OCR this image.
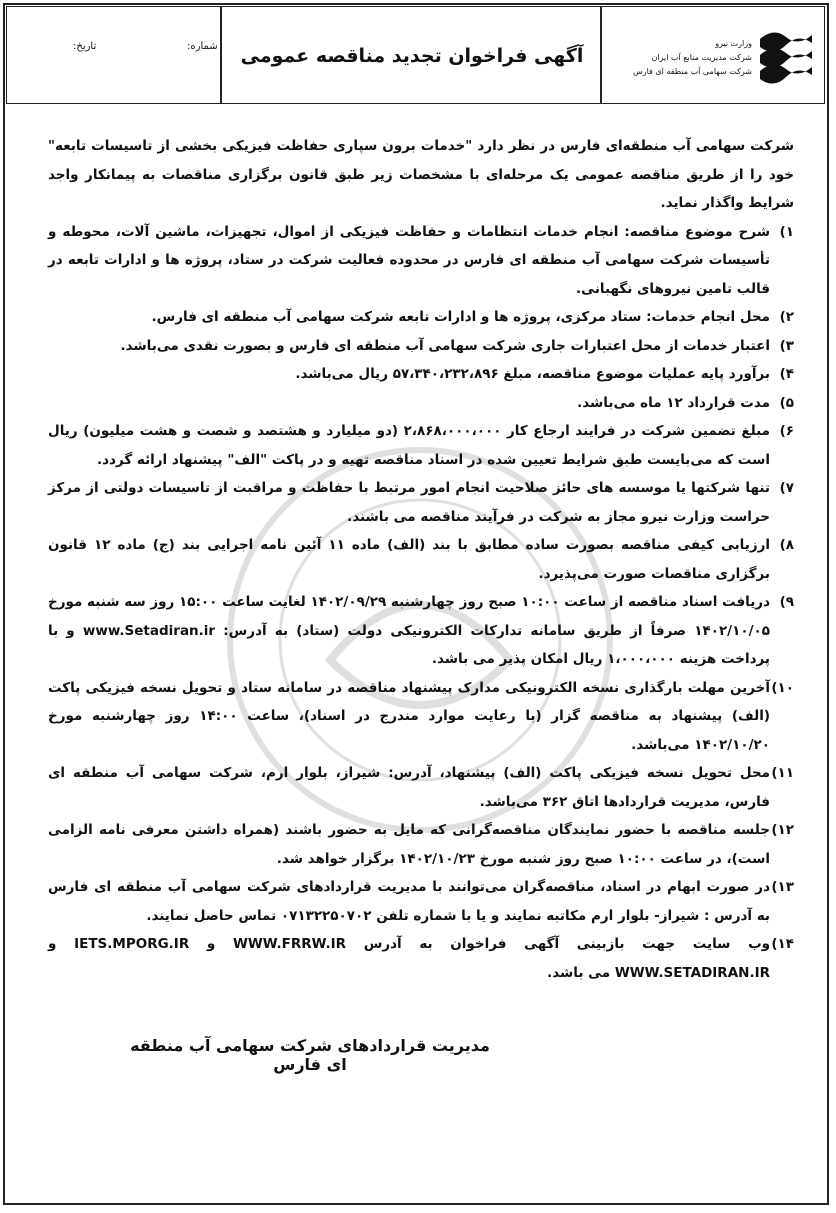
شماره:
تاریخ:	آگهی فراخوان تجدید مناقصه عمومی
وزارت نیرو
شرکت مدیریت منابع آب ایران
شرکت سهامی آب منطقه ای فارس

شرکت سهامی آب منطقه‌ای فارس در نظر دارد "خدمات برون سپاری حفاظت فیزیکی بخشی از تاسیسات تابعه" خود را از طریق مناقصه عمومی یک مرحله‌ای با مشخصات زیر طبق قانون برگزاری مناقصات به پیمانکار واجد شرایط واگذار نماید.

۱)
شرح موضوع مناقصه: انجام خدمات انتظامات و حفاظت فیزیکی از اموال، تجهیزات، ماشین آلات، محوطه و تأسیسات شرکت سهامی آب منطقه ای فارس در محدوده فعالیت شرکت در ستاد، پروژه ها و ادارات تابعه در قالب تامین نیروهای نگهبانی.
۲)
محل انجام خدمات: ستاد مرکزی، پروژه ها و ادارات تابعه شرکت سهامی آب منطقه ای فارس.
۳)
اعتبار خدمات از محل اعتبارات جاری شرکت سهامی آب منطقه ای فارس و بصورت نقدی می‌باشد.
۴)
برآورد پایه عملیات موضوع مناقصه، مبلغ ۵۷،۳۴۰،۲۳۲،۸۹۶ ریال می‌باشد.
۵)
مدت قرارداد ۱۲ ماه می‌باشد.
۶)
مبلغ تضمین شرکت در فرایند ارجاع کار ۲،۸۶۸،۰۰۰،۰۰۰ (دو میلیارد و هشتصد و شصت و هشت میلیون) ریال است که می‌بایست طبق شرایط تعیین شده در اسناد مناقصه تهیه و در پاکت "الف" پیشنهاد ارائه گردد.
۷)
تنها شرکتها یا موسسه های حائز صلاحیت انجام امور مرتبط با حفاظت و مراقبت از تاسیسات دولتی از مرکز حراست وزارت نیرو مجاز به شرکت در فرآیند مناقصه می باشند.
۸)
ارزیابی کیفی مناقصه بصورت ساده مطابق با بند (الف) ماده ۱۱ آئین نامه اجرایی بند (ج) ماده ۱۲ قانون برگزاری مناقصات صورت می‌پذیرد.
۹)
دریافت اسناد مناقصه از ساعت ۱۰:۰۰ صبح روز چهارشنبه ۱۴۰۲/۰۹/۲۹ لغایت ساعت ۱۵:۰۰ روز سه شنبه مورخ ۱۴۰۲/۱۰/۰۵ صرفاً از طریق سامانه تدارکات الکترونیکی دولت (ستاد) به آدرس: www.Setadiran.ir و با پرداخت هزینه ۱،۰۰۰،۰۰۰ ریال امکان پذیر می باشد.
۱۰)
آخرین مهلت بارگذاری نسخه الکترونیکی مدارک پیشنهاد مناقصه در سامانه ستاد و تحویل نسخه فیزیکی پاکت (الف) پیشنهاد به مناقصه گزار (با رعایت موارد مندرج در اسناد)، ساعت ۱۴:۰۰ روز چهارشنبه مورخ ۱۴۰۲/۱۰/۲۰ می‌باشد.
۱۱)
محل تحویل نسخه فیزیکی پاکت (الف) پیشنهاد، آدرس: شیراز، بلوار ارم، شرکت سهامی آب منطقه ای فارس، مدیریت قراردادها اتاق ۳۶۲ می‌باشد.
۱۲)
جلسه مناقصه با حضور نمایندگان مناقصه‌گرانی که مایل به حضور باشند (همراه داشتن معرفی نامه الزامی است)، در ساعت ۱۰:۰۰ صبح روز شنبه مورخ ۱۴۰۲/۱۰/۲۳ برگزار خواهد شد.
۱۳)
در صورت ابهام در اسناد، مناقصه‌گران می‌توانند با مدیریت قراردادهای شرکت سهامی آب منطقه ای فارس به آدرس : شیراز- بلوار ارم مکاتبه نمایند و یا با شماره تلفن ۰۷۱۳۲۲۵۰۷۰۲ تماس حاصل نمایند.
۱۴)
وب سایت جهت بازبینی آگهی فراخوان به آدرس WWW.FRRW.IR و IETS.MPORG.IR و WWW.SETADIRAN.IR می باشد.
مدیریت قراردادهای شرکت سهامی آب منطقه ای فارس
